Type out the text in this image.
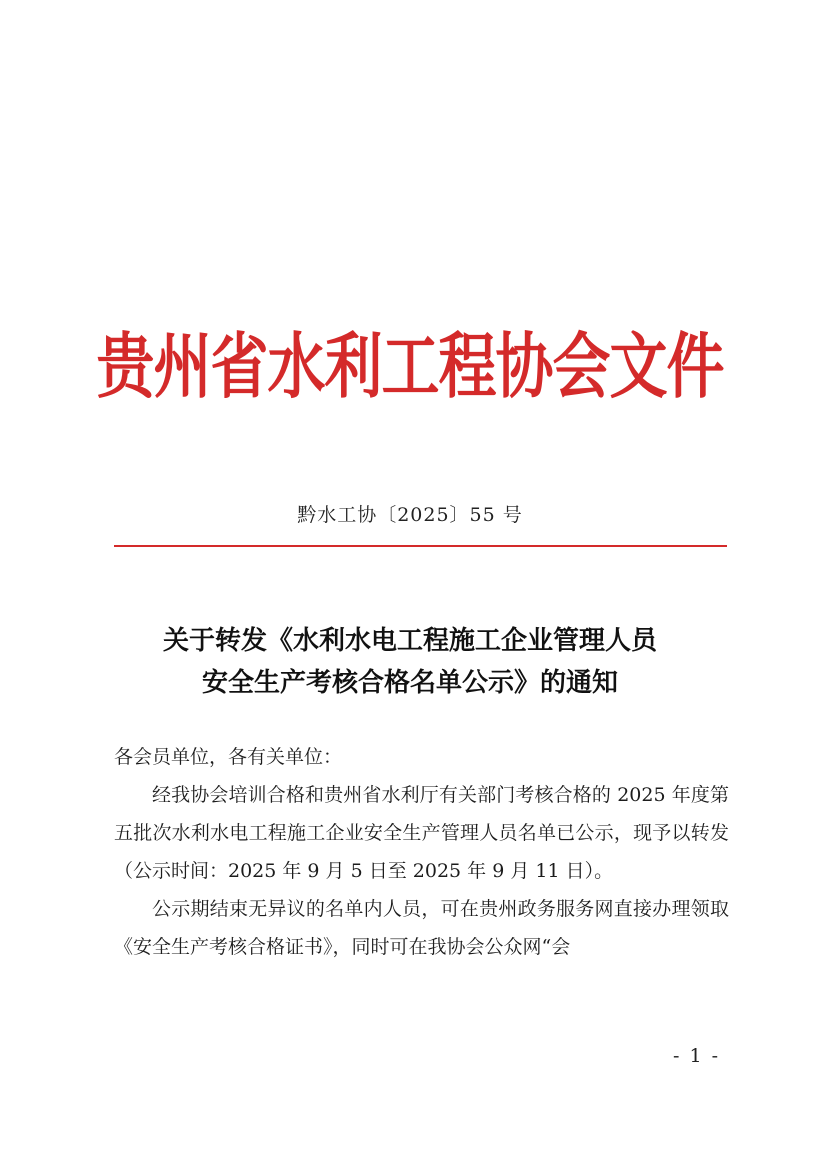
贵州省水利工程协会文件
黔水工协〔2025〕55 号
关于转发《水利水电工程施工企业管理人员
安全生产考核合格名单公示》的通知

各会员单位，各有关单位：

经我协会培训合格和贵州省水利厅有关部门考核合格的 2025 年度第五批次水利水电工程施工企业安全生产管理人员名单已公示，现予以转发（公示时间：2025 年 9 月 5 日至 2025 年 9 月 11 日）。

公示期结束无异议的名单内人员，可在贵州政务服务网直接办理领取《安全生产考核合格证书》，同时可在我协会公众网“会

- 1 -
